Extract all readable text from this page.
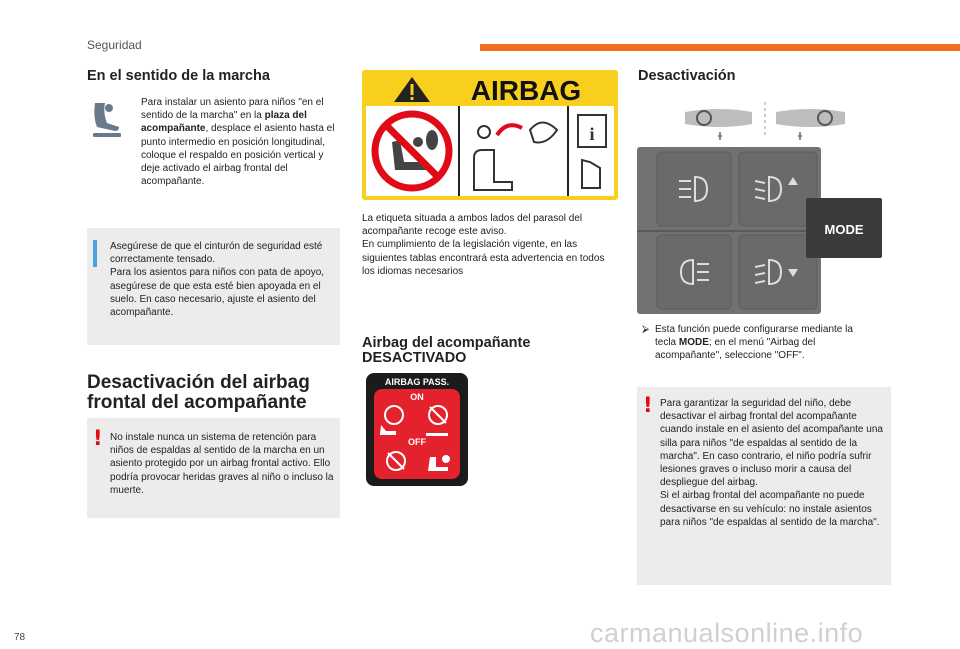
Seguridad
En el sentido de la marcha
Para instalar un asiento para niños "en el sentido de la marcha" en la plaza del acompañante, desplace el asiento hasta el punto intermedio en posición longitudinal, coloque el respaldo en posición vertical y deje activado el airbag frontal del acompañante.
Asegúrese de que el cinturón de seguridad esté correctamente tensado.
Para los asientos para niños con pata de apoyo, asegúrese de que esta esté bien apoyada en el suelo. En caso necesario, ajuste el asiento del acompañante.
Desactivación del airbag frontal del acompañante
! No instale nunca un sistema de retención para niños de espaldas al sentido de la marcha en un asiento protegido por un airbag frontal activo. Ello podría provocar heridas graves al niño o incluso la muerte.
AIRBAG
i
La etiqueta situada a ambos lados del parasol del acompañante recoge este aviso.
En cumplimiento de la legislación vigente, en las siguientes tablas encontrará esta advertencia en todos los idiomas necesarios
Airbag del acompañante DESACTIVADO
AIRBAG PASS.
ON
OFF
Desactivación
MODE
⮚ Esta función puede configurarse mediante la tecla MODE; en el menú "Airbag del acompañante", seleccione "OFF".
! Para garantizar la seguridad del niño, debe desactivar el airbag frontal del acompañante cuando instale en el asiento del acompañante una silla para niños "de espaldas al sentido de la marcha". En caso contrario, el niño podría sufrir lesiones graves o incluso morir a causa del despliegue del airbag.
Si el airbag frontal del acompañante no puede desactivarse en su vehículo: no instale asientos para niños "de espaldas al sentido de la marcha".
78	carmanualsonline.info
